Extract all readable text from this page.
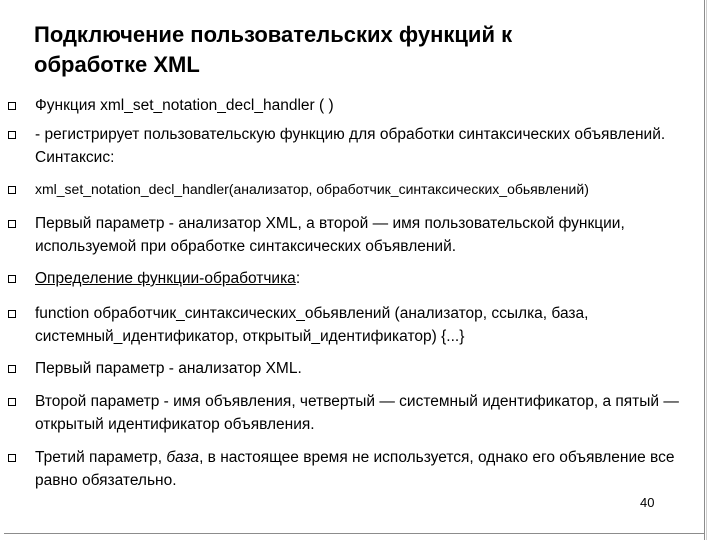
Подключение пользовательских функций к
обработке XML
Функция xml_set_notation_decl_handler ( )
- регистрирует пользовательскую функцию для обработки синтаксических объявлений. Синтаксис:
xml_set_notation_decl_handler(анализатор, обработчик_синтаксических_обьявлений)
Первый параметр - анализатор XML, а второй — имя пользовательской функции, используемой при обработке синтаксических объявлений.
Определение функции-обработчика:
function обработчик_синтаксических_обьявлений (анализатор, ссылка, база, системный_идентификатор, открытый_идентификатор) {...}
Первый параметр - анализатор XML.
Второй параметр - имя объявления, четвертый — системный идентификатор, а пятый — открытый идентификатор объявления.
Третий параметр, база, в настоящее время не используется, однако его объявление все равно обязательно.
40
